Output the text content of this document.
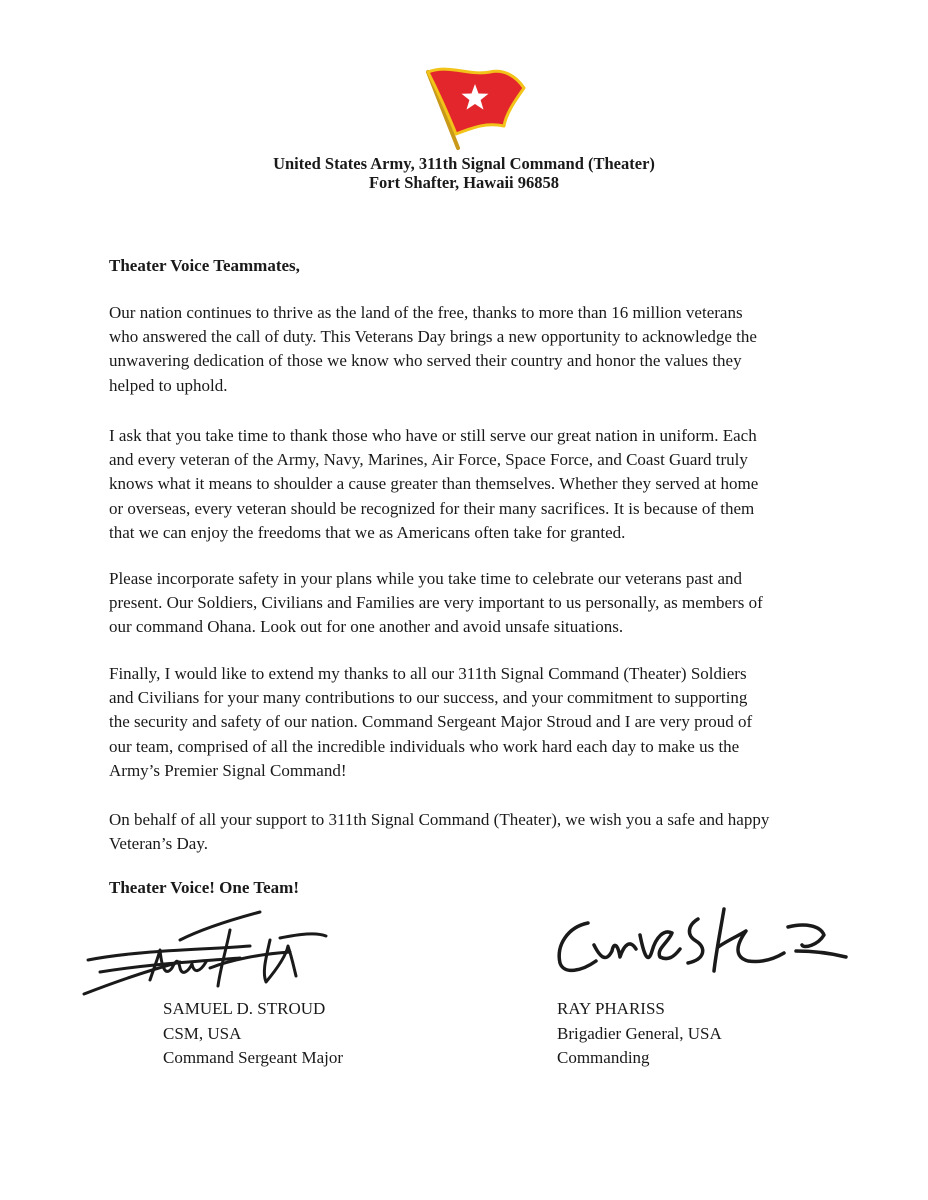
United States Army, 311th Signal Command (Theater)
Fort Shafter, Hawaii 96858
Theater Voice Teammates,
Our nation continues to thrive as the land of the free, thanks to more than 16 million veterans
who answered the call of duty. This Veterans Day brings a new opportunity to acknowledge the
unwavering dedication of those we know who served their country and honor the values they
helped to uphold.
I ask that you take time to thank those who have or still serve our great nation in uniform. Each
and every veteran of the Army, Navy, Marines, Air Force, Space Force, and Coast Guard truly
knows what it means to shoulder a cause greater than themselves. Whether they served at home
or overseas, every veteran should be recognized for their many sacrifices. It is because of them
that we can enjoy the freedoms that we as Americans often take for granted.
Please incorporate safety in your plans while you take time to celebrate our veterans past and
present. Our Soldiers, Civilians and Families are very important to us personally, as members of
our command Ohana. Look out for one another and avoid unsafe situations.
Finally, I would like to extend my thanks to all our 311th Signal Command (Theater) Soldiers
and Civilians for your many contributions to our success, and your commitment to supporting
the security and safety of our nation. Command Sergeant Major Stroud and I are very proud of
our team, comprised of all the incredible individuals who work hard each day to make us the
Army’s Premier Signal Command!
On behalf of all your support to 311th Signal Command (Theater), we wish you a safe and happy
Veteran’s Day.
Theater Voice! One Team!
SAMUEL D. STROUD
CSM, USA
Command Sergeant Major
RAY PHARISS
Brigadier General, USA
Commanding
